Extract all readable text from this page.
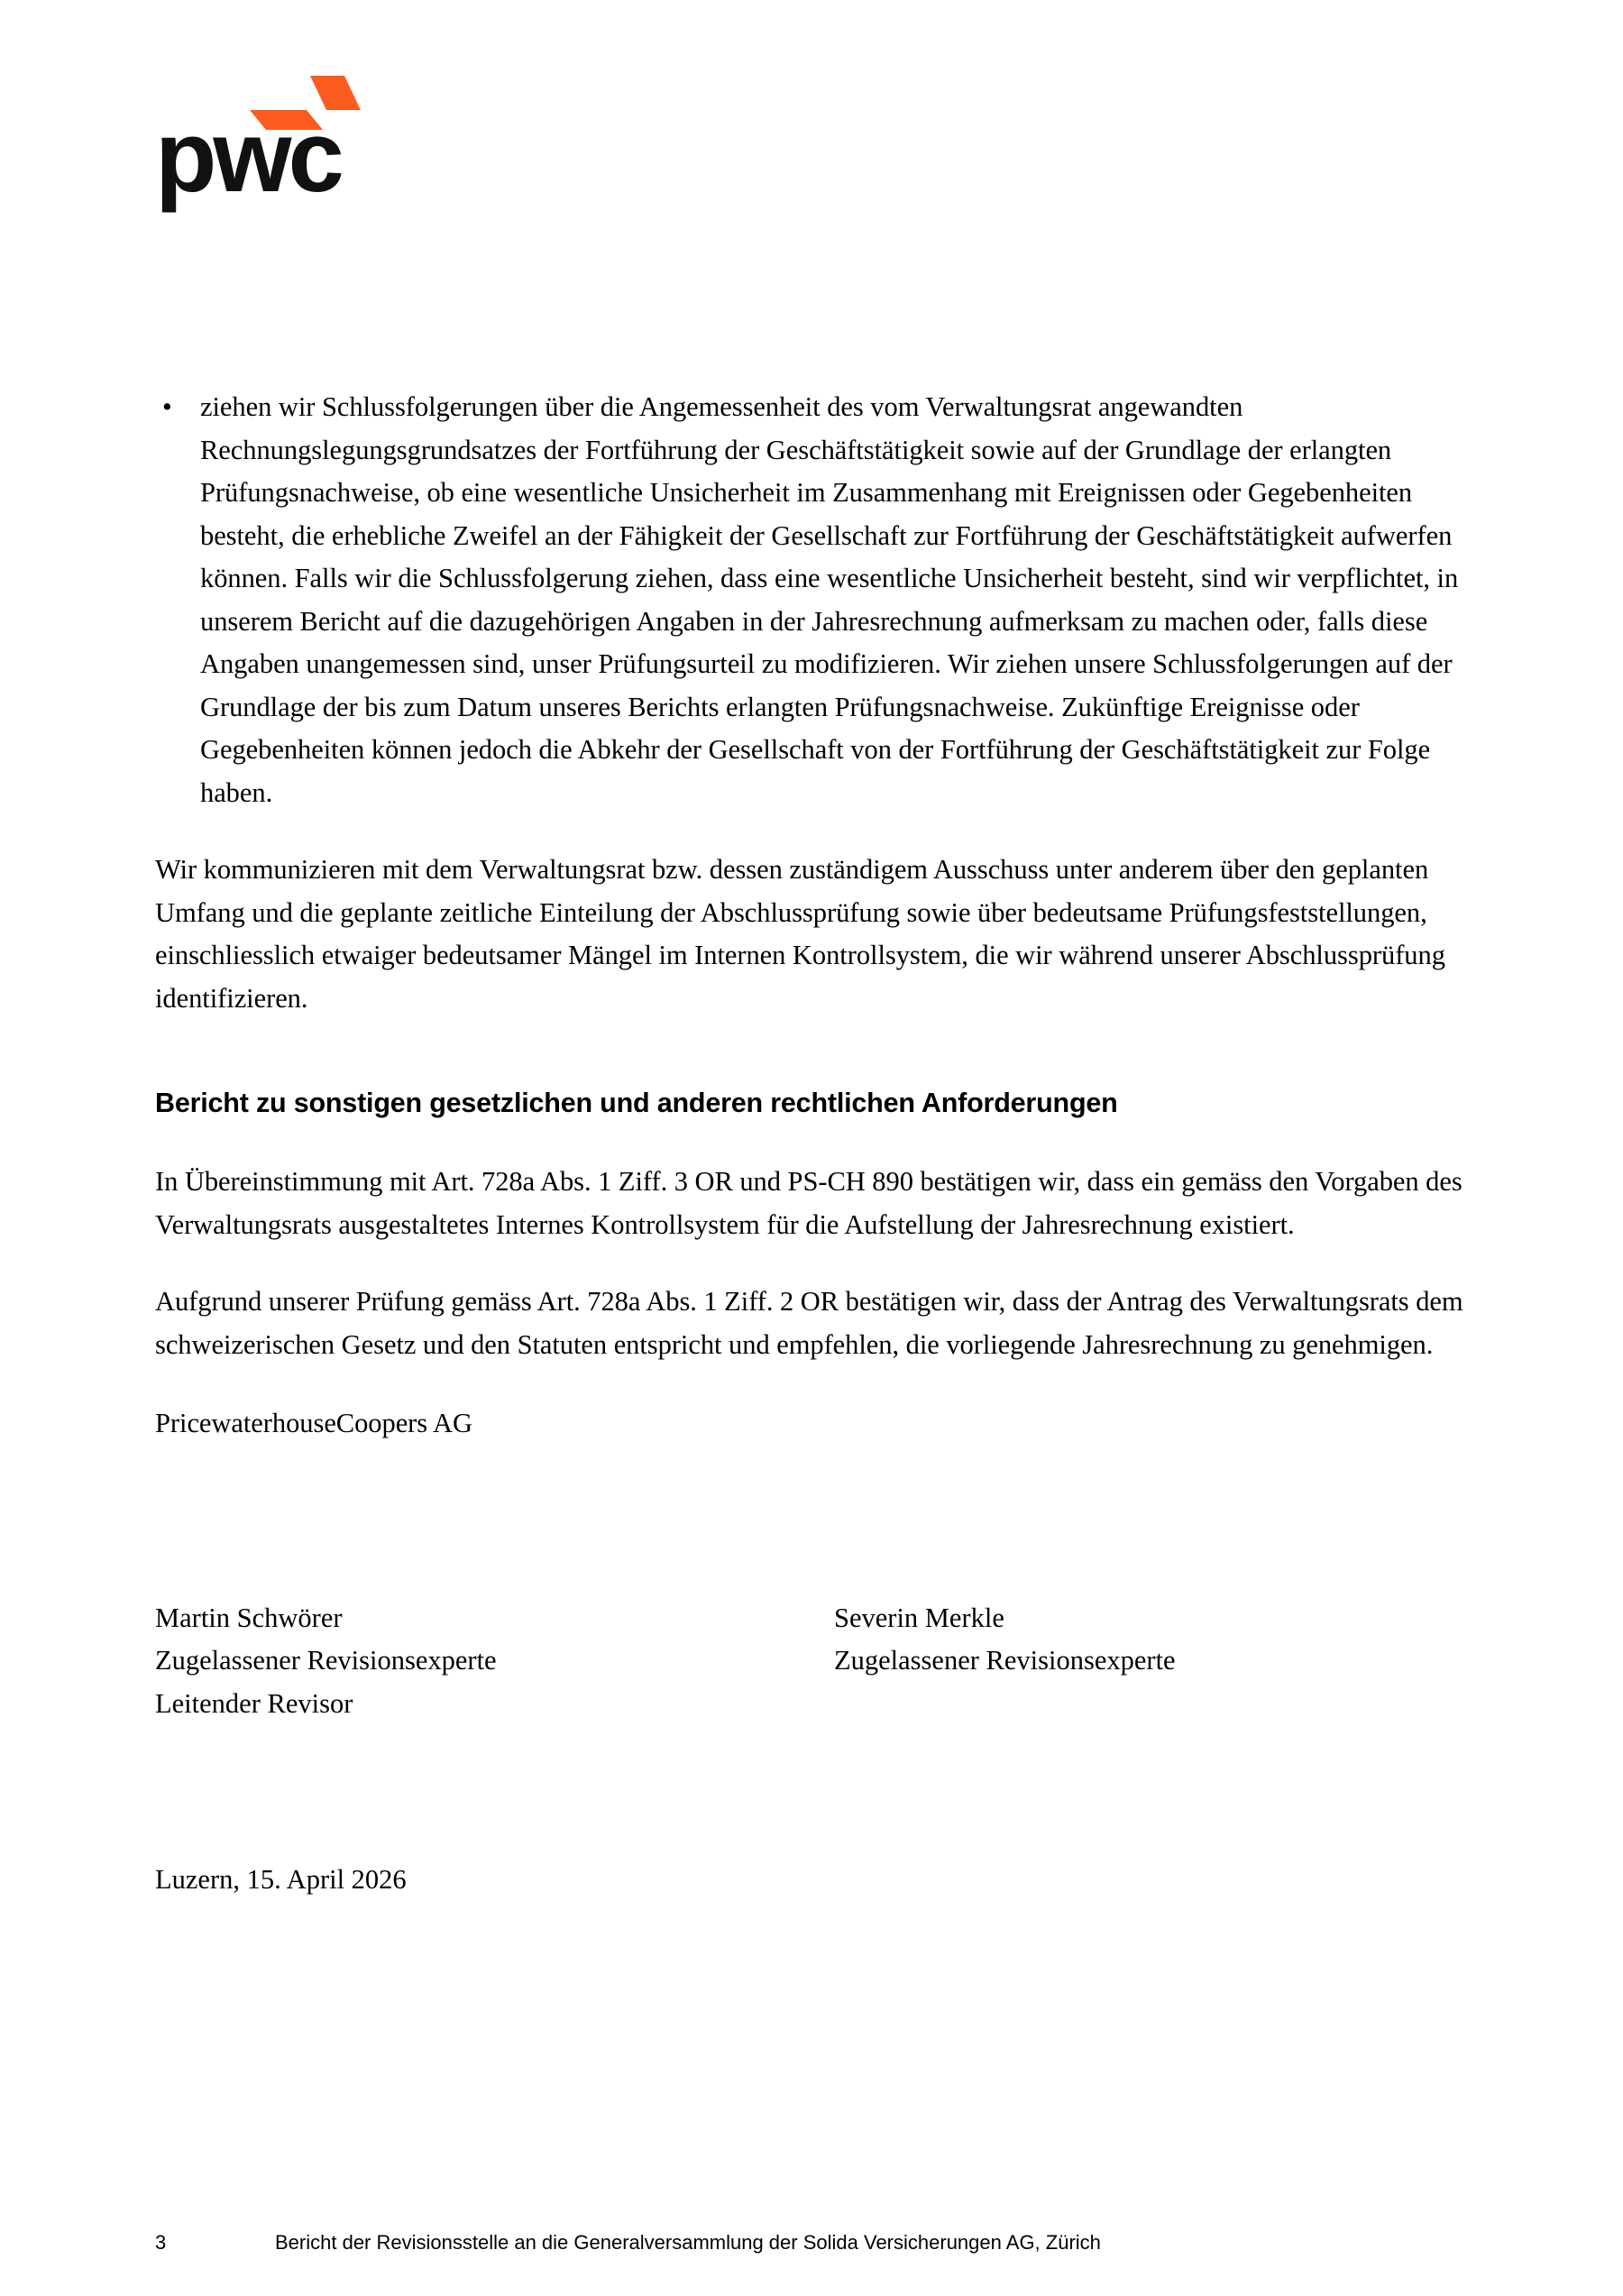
pwc
• ziehen wir Schlussfolgerungen über die Angemessenheit des vom Verwaltungsrat angewandten Rechnungslegungsgrundsatzes der Fortführung der Geschäftstätigkeit sowie auf der Grundlage der erlangten Prüfungsnachweise, ob eine wesentliche Unsicherheit im Zusammenhang mit Ereignissen oder Gegebenheiten besteht, die erhebliche Zweifel an der Fähigkeit der Gesellschaft zur Fortführung der Geschäftstätigkeit aufwerfen können. Falls wir die Schlussfolgerung ziehen, dass eine wesentliche Unsicherheit besteht, sind wir verpflichtet, in unserem Bericht auf die dazugehörigen Angaben in der Jahresrechnung aufmerksam zu machen oder, falls diese Angaben unangemessen sind, unser Prüfungsurteil zu modifizieren. Wir ziehen unsere Schlussfolgerungen auf der Grundlage der bis zum Datum unseres Berichts erlangten Prüfungsnachweise. Zukünftige Ereignisse oder Gegebenheiten können jedoch die Abkehr der Gesellschaft von der Fortführung der Geschäftstätigkeit zur Folge haben.

Wir kommunizieren mit dem Verwaltungsrat bzw. dessen zuständigem Ausschuss unter anderem über den geplanten Umfang und die geplante zeitliche Einteilung der Abschlussprüfung sowie über bedeutsame Prüfungsfeststellungen, einschliesslich etwaiger bedeutsamer Mängel im Internen Kontrollsystem, die wir während unserer Abschlussprüfung identifizieren.

Bericht zu sonstigen gesetzlichen und anderen rechtlichen Anforderungen

In Übereinstimmung mit Art. 728a Abs. 1 Ziff. 3 OR und PS-CH 890 bestätigen wir, dass ein gemäss den Vorgaben des Verwaltungsrats ausgestaltetes Internes Kontrollsystem für die Aufstellung der Jahresrechnung existiert.

Aufgrund unserer Prüfung gemäss Art. 728a Abs. 1 Ziff. 2 OR bestätigen wir, dass der Antrag des Verwaltungsrats dem schweizerischen Gesetz und den Statuten entspricht und empfehlen, die vorliegende Jahresrechnung zu genehmigen.

PricewaterhouseCoopers AG

Martin Schwörer
Zugelassener Revisionsexperte
Leitender Revisor
Severin Merkle
Zugelassener Revisionsexperte
Luzern, 15. April 2026
3	Bericht der Revisionsstelle an die Generalversammlung der Solida Versicherungen AG, Zürich
